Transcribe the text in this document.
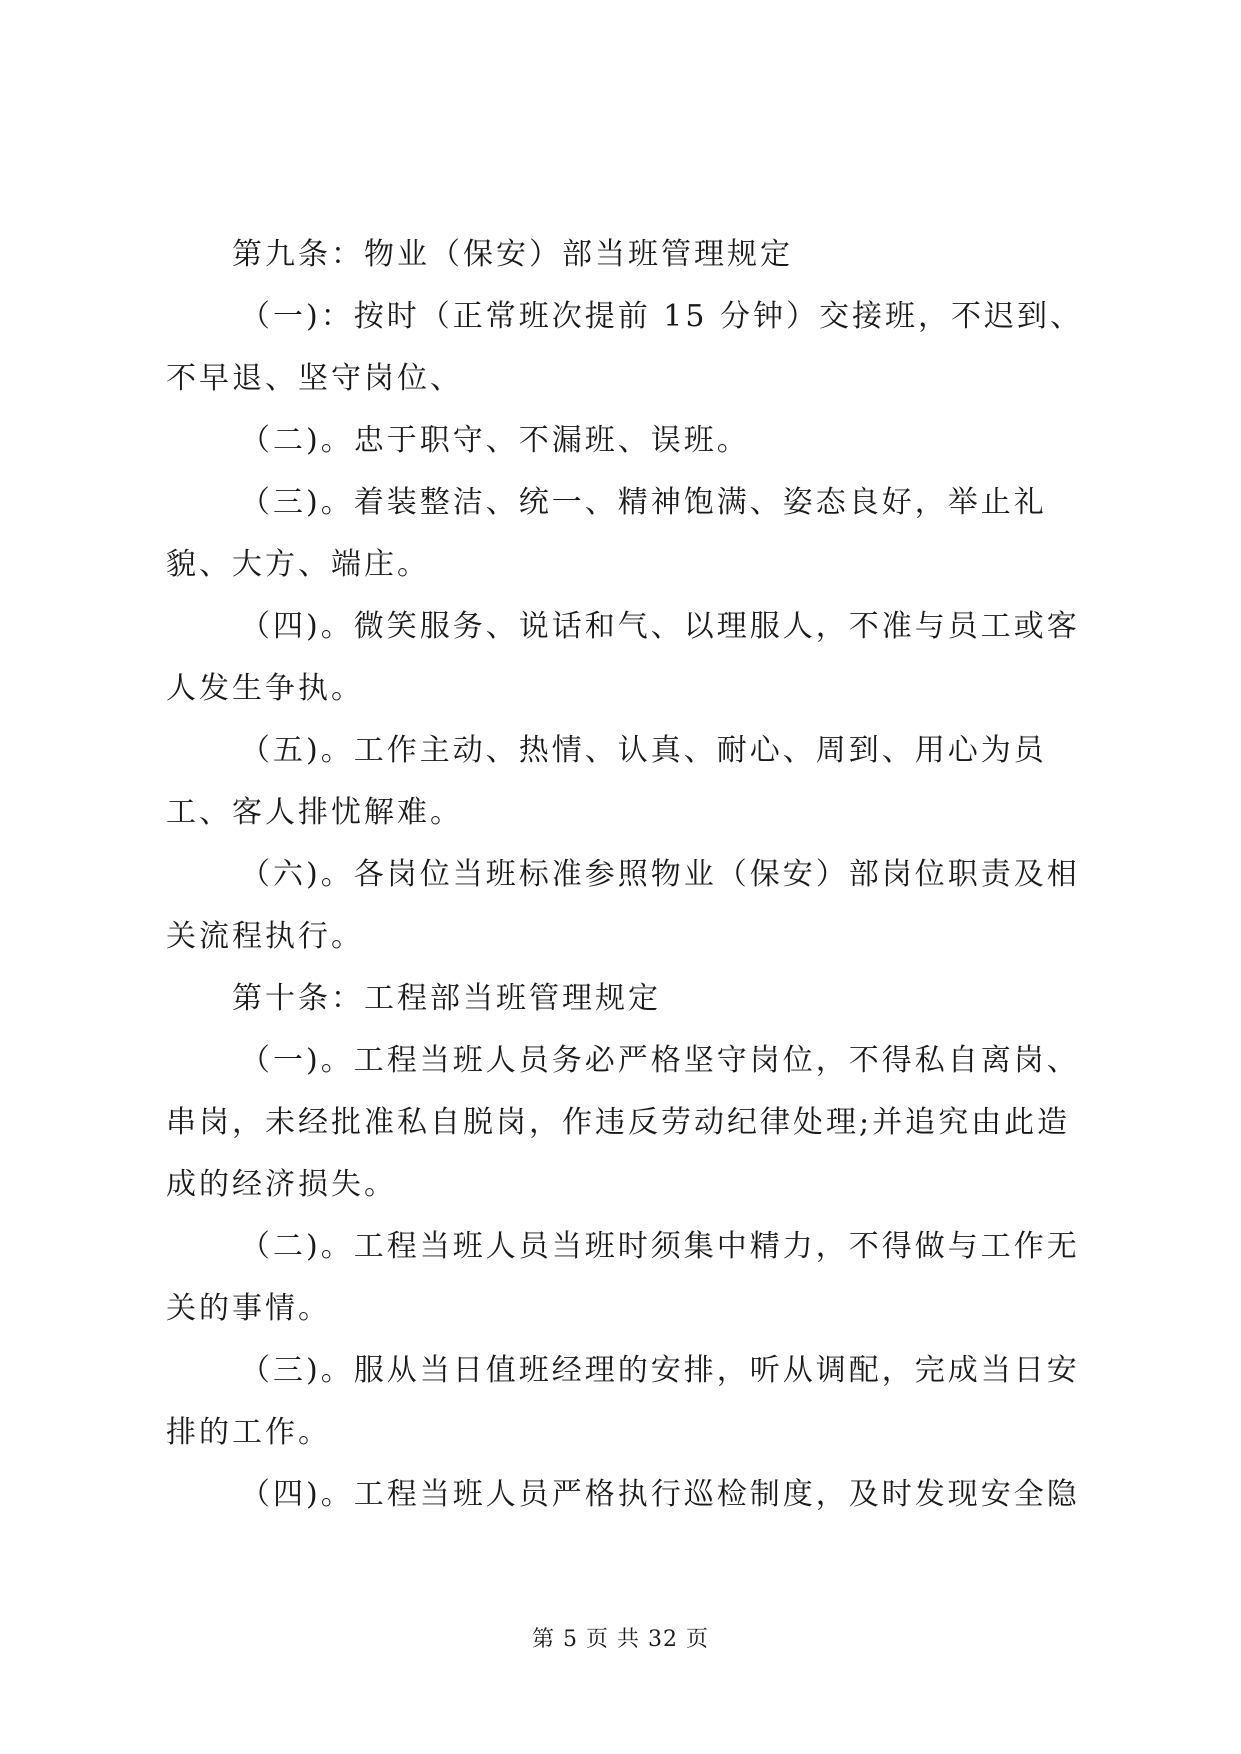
第九条：物业（保安）部当班管理规定

（一)：按时（正常班次提前 15 分钟）交接班，不迟到、不早退、坚守岗位、

（二)。忠于职守、不漏班、误班。

（三)。着装整洁、统一、精神饱满、姿态良好，举止礼貌、大方、端庄。

（四)。微笑服务、说话和气、以理服人，不准与员工或客人发生争执。

（五)。工作主动、热情、认真、耐心、周到、用心为员工、客人排忧解难。

（六)。各岗位当班标准参照物业（保安）部岗位职责及相关流程执行。

第十条：工程部当班管理规定

（一)。工程当班人员务必严格坚守岗位，不得私自离岗、串岗，未经批准私自脱岗，作违反劳动纪律处理;并追究由此造成的经济损失。

（二)。工程当班人员当班时须集中精力，不得做与工作无关的事情。

（三)。服从当日值班经理的安排，听从调配，完成当日安排的工作。

（四)。工程当班人员严格执行巡检制度，及时发现安全隐

第 5 页 共 32 页
